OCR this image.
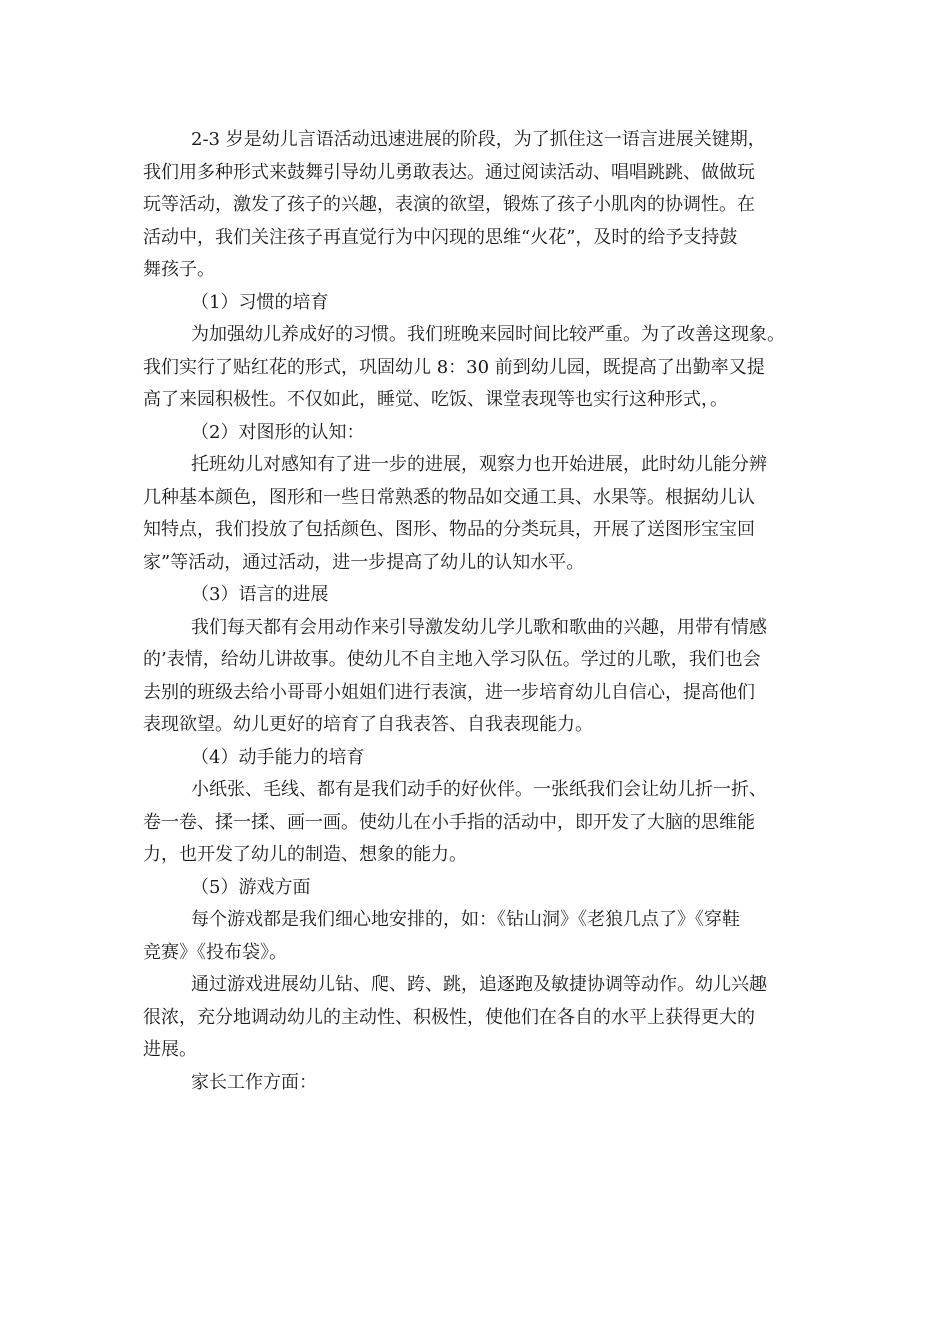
2-3 岁是幼儿言语活动迅速进展的阶段，为了抓住这一语言进展关键期，
我们用多种形式来鼓舞引导幼儿勇敢表达。通过阅读活动、唱唱跳跳、做做玩
玩等活动，激发了孩子的兴趣，表演的欲望，锻炼了孩子小肌肉的协调性。在
活动中，我们关注孩子再直觉行为中闪现的思维“火花”，及时的给予支持鼓
舞孩子。
（1）习惯的培育
为加强幼儿养成好的习惯。我们班晚来园时间比较严重。为了改善这现象。
我们实行了贴红花的形式，巩固幼儿 8：30 前到幼儿园，既提高了出勤率又提
高了来园积极性。不仅如此，睡觉、吃饭、课堂表现等也实行这种形式，。
（2）对图形的认知：
托班幼儿对感知有了进一步的进展，观察力也开始进展，此时幼儿能分辨
几种基本颜色，图形和一些日常熟悉的物品如交通工具、水果等。根据幼儿认
知特点，我们投放了包括颜色、图形、物品的分类玩具，开展了送图形宝宝回
家”等活动，通过活动，进一步提高了幼儿的认知水平。
（3）语言的进展
我们每天都有会用动作来引导激发幼儿学儿歌和歌曲的兴趣，用带有情感
的’表情，给幼儿讲故事。使幼儿不自主地入学习队伍。学过的儿歌，我们也会
去别的班级去给小哥哥小姐姐们进行表演，进一步培育幼儿自信心，提高他们
表现欲望。幼儿更好的培育了自我表答、自我表现能力。
（4）动手能力的培育
小纸张、毛线、都有是我们动手的好伙伴。一张纸我们会让幼儿折一折、
卷一卷、揉一揉、画一画。使幼儿在小手指的活动中，即开发了大脑的思维能
力，也开发了幼儿的制造、想象的能力。
（5）游戏方面
每个游戏都是我们细心地安排的，如：《钻山洞》《老狼几点了》《穿鞋
竞赛》《投布袋》。
通过游戏进展幼儿钻、爬、跨、跳，追逐跑及敏捷协调等动作。幼儿兴趣
很浓，充分地调动幼儿的主动性、积极性，使他们在各自的水平上获得更大的
进展。
家长工作方面：
